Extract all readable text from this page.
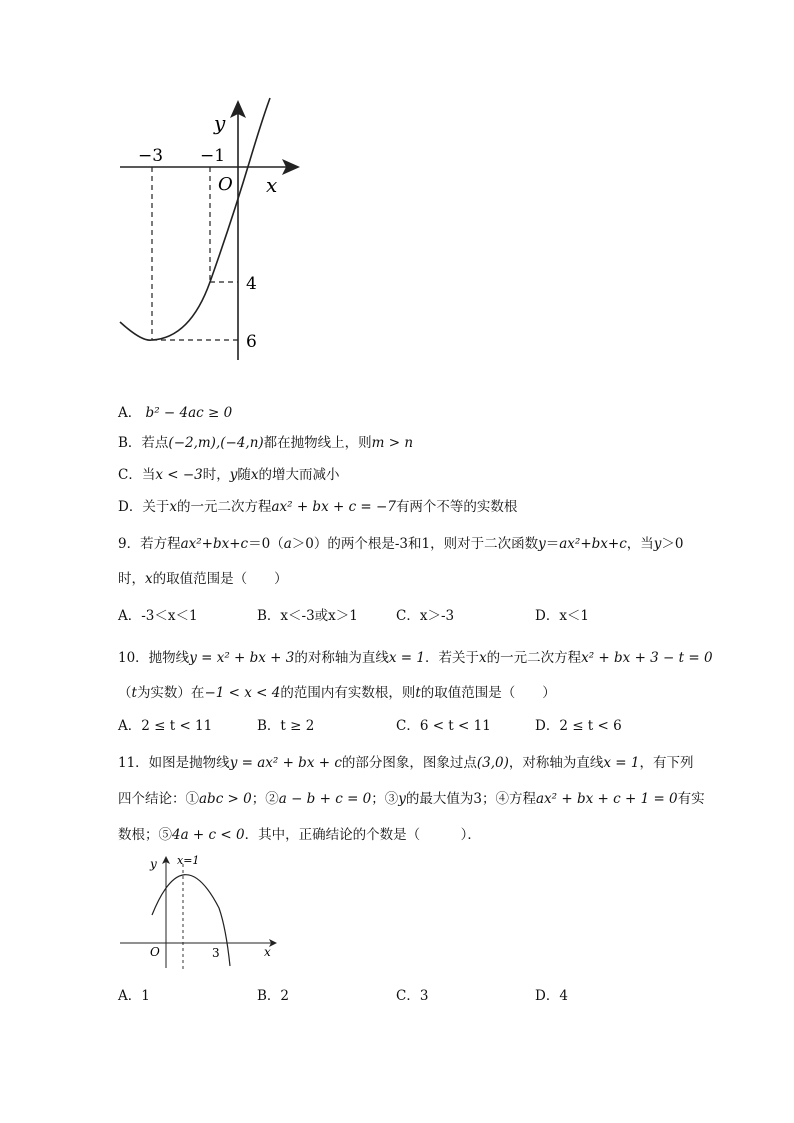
y
x
O
−3 −1
4
6
A． b² − 4ac ≥ 0
B．若点(−2,m),(−4,n)都在抛物线上，则m > n
C．当x < −3时，y随x的增大而减小
D．关于x的一元二次方程ax² + bx + c = −7有两个不等的实数根
9．若方程ax²+bx+c＝0（a＞0）的两个根是-3和1，则对于二次函数y＝ax²+bx+c，当y＞0
时，x的取值范围是（　　）
A．-3＜x＜1	B．x＜-3或x＞1	C．x＞-3	D．x＜1
10．抛物线y = x² + bx + 3的对称轴为直线x = 1．若关于x的一元二次方程x² + bx + 3 − t = 0
（t为实数）在−1 < x < 4的范围内有实数根，则t的取值范围是（　　）
A．2 ≤ t < 11	B．t ≥ 2	C．6 < t < 11	D．2 ≤ t < 6
11．如图是抛物线y = ax² + bx + c的部分图象，图象过点(3,0)，对称轴为直线x = 1，有下列
四个结论：①abc > 0；②a − b + c = 0；③y的最大值为3；④方程ax² + bx + c + 1 = 0有实
数根；⑤4a + c < 0．其中，正确结论的个数是（　　　）．
y x=1
O	3	x
A．1	B．2	C．3	D．4
